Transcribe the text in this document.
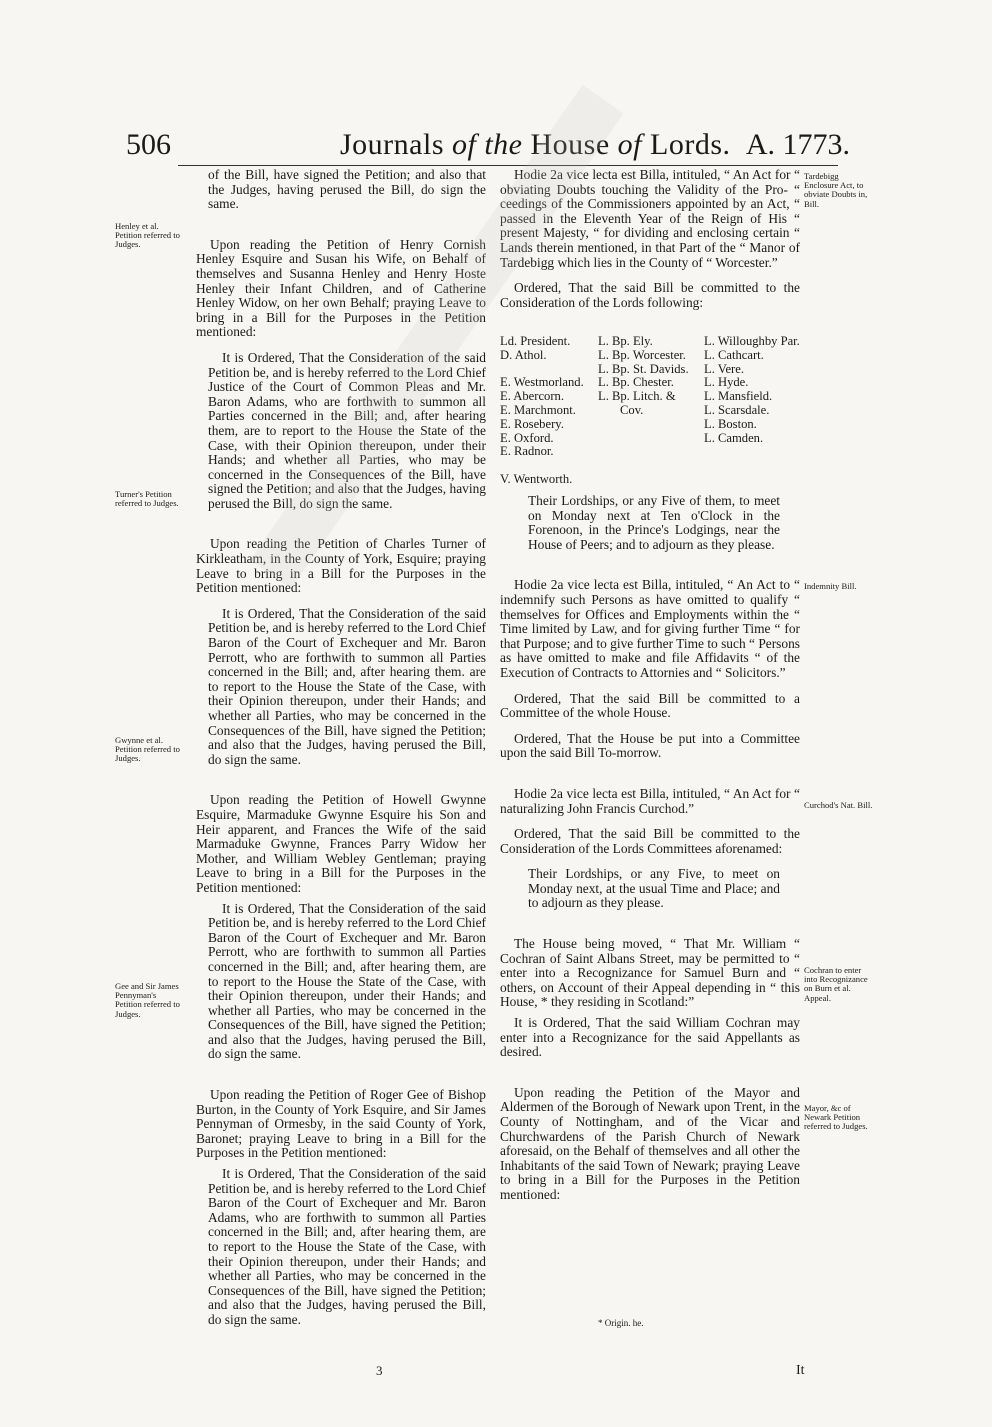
506	Journals of the House of Lords. A. 1773.

of the Bill, have signed the Petition; and also that the Judges, having perused the Bill, do sign the same.

Upon reading the Petition of Henry Cornish Henley Esquire and Susan his Wife, on Behalf of themselves and Susanna Henley and Henry Hoste Henley their Infant Children, and of Catherine Henley Widow, on her own Behalf; praying Leave to bring in a Bill for the Purposes in the Petition mentioned:

It is Ordered, That the Consideration of the said Petition be, and is hereby referred to the Lord Chief Justice of the Court of Common Pleas and Mr. Baron Adams, who are forthwith to summon all Parties concerned in the Bill; and, after hearing them, are to report to the House the State of the Case, with their Opinion thereupon, under their Hands; and whether all Parties, who may be concerned in the Consequences of the Bill, have signed the Petition; and also that the Judges, having perused the Bill, do sign the same.

Upon reading the Petition of Charles Turner of Kirkleatham, in the County of York, Esquire; praying Leave to bring in a Bill for the Purposes in the Petition mentioned:

It is Ordered, That the Consideration of the said Petition be, and is hereby referred to the Lord Chief Baron of the Court of Exchequer and Mr. Baron Perrott, who are forthwith to summon all Parties concerned in the Bill; and, after hearing them. are to report to the House the State of the Case, with their Opinion thereupon, under their Hands; and whether all Parties, who may be concerned in the Consequences of the Bill, have signed the Petition; and also that the Judges, having perused the Bill, do sign the same.

Upon reading the Petition of Howell Gwynne Esquire, Marmaduke Gwynne Esquire his Son and Heir apparent, and Frances the Wife of the said Marmaduke Gwynne, Frances Parry Widow her Mother, and William Webley Gentleman; praying Leave to bring in a Bill for the Purposes in the Petition mentioned:

It is Ordered, That the Consideration of the said Petition be, and is hereby referred to the Lord Chief Baron of the Court of Exchequer and Mr. Baron Perrott, who are forthwith to summon all Parties concerned in the Bill; and, after hearing them, are to report to the House the State of the Case, with their Opinion thereupon, under their Hands; and whether all Parties, who may be concerned in the Consequences of the Bill, have signed the Petition; and also that the Judges, having perused the Bill, do sign the same.

Upon reading the Petition of Roger Gee of Bishop Burton, in the County of York Esquire, and Sir James Pennyman of Ormesby, in the said County of York, Baronet; praying Leave to bring in a Bill for the Purposes in the Petition mentioned:

It is Ordered, That the Consideration of the said Petition be, and is hereby referred to the Lord Chief Baron of the Court of Exchequer and Mr. Baron Adams, who are forthwith to summon all Parties concerned in the Bill; and, after hearing them, are to report to the House the State of the Case, with their Opinion thereupon, under their Hands; and whether all Parties, who may be concerned in the Consequences of the Bill, have signed the Petition; and also that the Judges, having perused the Bill, do sign the same.

Henley et al. Petition referred to Judges.
Turner's Petition referred to Judges.
Gwynne et al. Petition referred to Judges.
Gee and Sir James Pennyman's Petition referred to Judges.

Hodie 2a vice lecta est Billa, intituled, “ An Act for “ obviating Doubts touching the Validity of the Pro- “ ceedings of the Commissioners appointed by an Act, “ passed in the Eleventh Year of the Reign of His “ present Majesty, “ for dividing and enclosing certain “ Lands therein mentioned, in that Part of the “ Manor of Tardebigg which lies in the County of “ Worcester.”

Ordered, That the said Bill be committed to the Consideration of the Lords following:

Ld. President.
D. Athol.
E. Westmorland.
E. Abercorn.
E. Marchmont.
E. Rosebery.
E. Oxford.
E. Radnor.
V. Wentworth.
L. Bp. Ely.
L. Bp. Worcester.
L. Bp. St. Davids.
L. Bp. Chester.
L. Bp. Litch. &
Cov.
L. Willoughby Par.
L. Cathcart.
L. Vere.
L. Hyde.
L. Mansfield.
L. Scarsdale.
L. Boston.
L. Camden.

Their Lordships, or any Five of them, to meet on Monday next at Ten o'Clock in the Forenoon, in the Prince's Lodgings, near the House of Peers; and to adjourn as they please.

Hodie 2a vice lecta est Billa, intituled, “ An Act to “ indemnify such Persons as have omitted to qualify “ themselves for Offices and Employments within the “ Time limited by Law, and for giving further Time “ for that Purpose; and to give further Time to such “ Persons as have omitted to make and file Affidavits “ of the Execution of Contracts to Attornies and “ Solicitors.”

Ordered, That the said Bill be committed to a Committee of the whole House.

Ordered, That the House be put into a Committee upon the said Bill To-morrow.

Hodie 2a vice lecta est Billa, intituled, “ An Act for “ naturalizing John Francis Curchod.”

Ordered, That the said Bill be committed to the Consideration of the Lords Committees aforenamed:

Their Lordships, or any Five, to meet on Monday next, at the usual Time and Place; and to adjourn as they please.

The House being moved, “ That Mr. William “ Cochran of Saint Albans Street, may be permitted to “ enter into a Recognizance for Samuel Burn and “ others, on Account of their Appeal depending in “ this House, * they residing in Scotland:”

It is Ordered, That the said William Cochran may enter into a Recognizance for the said Appellants as desired.

Upon reading the Petition of the Mayor and Aldermen of the Borough of Newark upon Trent, in the County of Nottingham, and of the Vicar and Churchwardens of the Parish Church of Newark aforesaid, on the Behalf of themselves and all other the Inhabitants of the said Town of Newark; praying Leave to bring in a Bill for the Purposes in the Petition mentioned:

Tardebigg Enclosure Act, to obviate Doubts in, Bill.
Indemnity Bill.
Curchod's Nat. Bill.
Cochran to enter into Recognizance on Burn et al. Appeal.
Mayor, &c of Newark Petition referred to Judges.
* Origin. he.
3	It
